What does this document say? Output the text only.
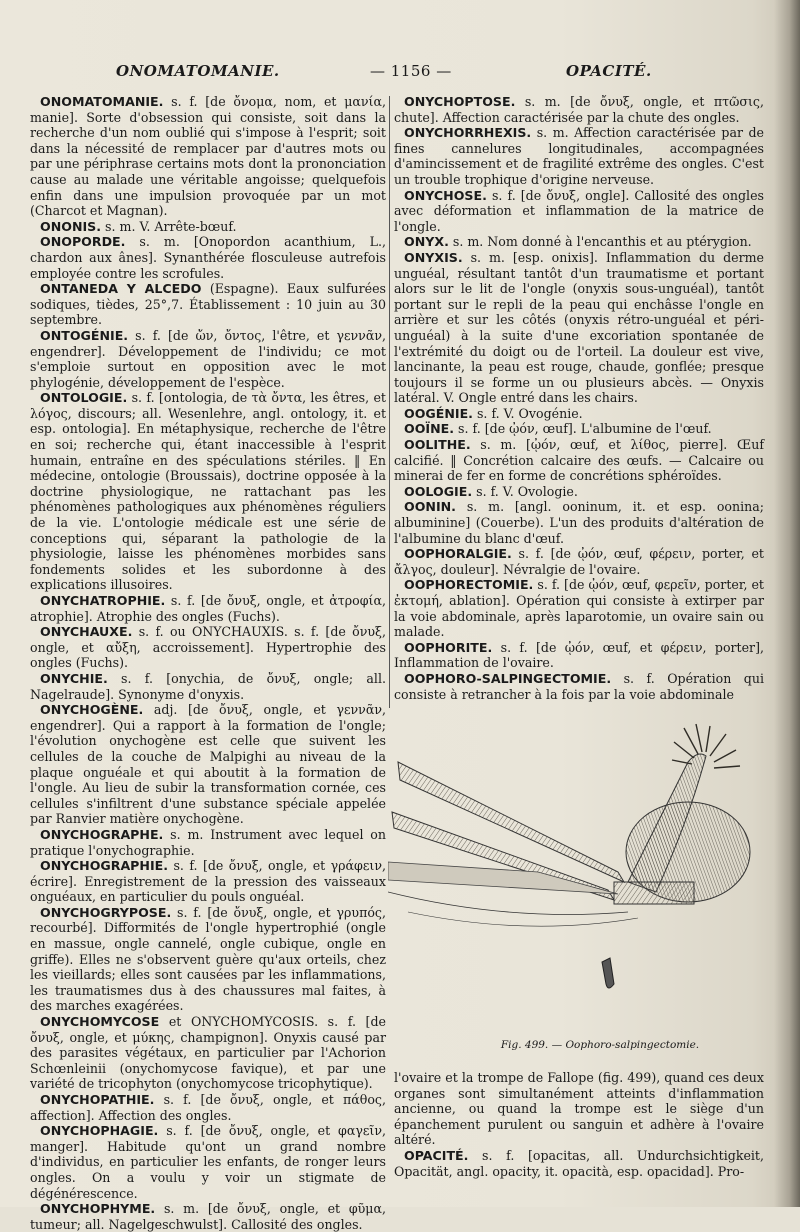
ONOMATOMANIE.	— 1156 —	OPACITÉ.

ONOMATOMANIE. s. f. [de ὄνομα, nom, et μανία, manie]. Sorte d'obsession qui consiste, soit dans la recherche d'un nom oublié qui s'impose à l'esprit; soit dans la nécessité de remplacer par d'autres mots ou par une périphrase certains mots dont la prononciation cause au malade une véritable angoisse; quelquefois enfin dans une impulsion provoquée par un mot (Charcot et Magnan).

ONONIS. s. m. V. Arrête-bœuf.

ONOPORDE. s. m. [Onopordon acanthium, L., chardon aux ânes]. Synanthérée flosculeuse autrefois employée contre les scrofules.

ONTANEDA Y ALCEDO (Espagne). Eaux sulfurées sodiques, tièdes, 25°,7. Établissement : 10 juin au 30 septembre.

ONTOGÉNIE. s. f. [de ὤν, ὄντος, l'être, et γεννᾶν, engendrer]. Développement de l'individu; ce mot s'emploie surtout en opposition avec le mot phylogénie, développement de l'espèce.

ONTOLOGIE. s. f. [ontologia, de τὰ ὄντα, les êtres, et λόγος, discours; all. Wesenlehre, angl. ontology, it. et esp. ontologia]. En métaphysique, recherche de l'être en soi; recherche qui, étant inaccessible à l'esprit humain, entraîne en des spéculations stériles. ‖ En médecine, ontologie (Broussais), doctrine opposée à la doctrine physiologique, ne rattachant pas les phénomènes pathologiques aux phénomènes réguliers de la vie. L'ontologie médicale est une série de conceptions qui, séparant la pathologie de la physiologie, laisse les phénomènes morbides sans fondements solides et les subordonne à des explications illusoires.

ONYCHATROPHIE. s. f. [de ὄνυξ, ongle, et ἀτροφία, atrophie]. Atrophie des ongles (Fuchs).

ONYCHAUXE. s. f. ou ONYCHAUXIS. s. f. [de ὄνυξ, ongle, et αὔξη, accroissement]. Hypertrophie des ongles (Fuchs).

ONYCHIE. s. f. [onychia, de ὄνυξ, ongle; all. Nagelraude]. Synonyme d'onyxis.

ONYCHOGÈNE. adj. [de ὄνυξ, ongle, et γεννᾶν, engendrer]. Qui a rapport à la formation de l'ongle; l'évolution onychogène est celle que suivent les cellules de la couche de Malpighi au niveau de la plaque onguéale et qui aboutit à la formation de l'ongle. Au lieu de subir la transformation cornée, ces cellules s'infiltrent d'une substance spéciale appelée par Ranvier matière onychogène.

ONYCHOGRAPHE. s. m. Instrument avec lequel on pratique l'onychographie.

ONYCHOGRAPHIE. s. f. [de ὄνυξ, ongle, et γράφειν, écrire]. Enregistrement de la pression des vaisseaux onguéaux, en particulier du pouls onguéal.

ONYCHOGRYPOSE. s. f. [de ὄνυξ, ongle, et γρυπός, recourbé]. Difformités de l'ongle hypertrophié (ongle en massue, ongle cannelé, ongle cubique, ongle en griffe). Elles ne s'observent guère qu'aux orteils, chez les vieillards; elles sont causées par les inflammations, les traumatismes dus à des chaussures mal faites, à des marches exagérées.

ONYCHOMYCOSE et ONYCHOMYCOSIS. s. f. [de ὄνυξ, ongle, et μύκης, champignon]. Onyxis causé par des parasites végétaux, en particulier par l'Achorion Schœnleinii (onychomycose favique), et par une variété de tricophyton (onychomycose tricophytique).

ONYCHOPATHIE. s. f. [de ὄνυξ, ongle, et πάθος, affection]. Affection des ongles.

ONYCHOPHAGIE. s. f. [de ὄνυξ, ongle, et φαγεῖν, manger]. Habitude qu'ont un grand nombre d'individus, en particulier les enfants, de ronger leurs ongles. On a voulu y voir un stigmate de dégénérescence.

ONYCHOPHYME. s. m. [de ὄνυξ, ongle, et φῦμα, tumeur; all. Nagelgeschwulst]. Callosité des ongles.

ONYCHOPTOSE. s. m. [de ὄνυξ, ongle, et πτῶσις, chute]. Affection caractérisée par la chute des ongles.

ONYCHORRHEXIS. s. m. Affection caractérisée par de fines cannelures longitudinales, accompagnées d'amincissement et de fragilité extrême des ongles. C'est un trouble trophique d'origine nerveuse.

ONYCHOSE. s. f. [de ὄνυξ, ongle]. Callosité des ongles avec déformation et inflammation de la matrice de l'ongle.

ONYX. s. m. Nom donné à l'encanthis et au ptérygion.

ONYXIS. s. m. [esp. onixis]. Inflammation du derme unguéal, résultant tantôt d'un traumatisme et portant alors sur le lit de l'ongle (onyxis sous-unguéal), tantôt portant sur le repli de la peau qui enchâsse l'ongle en arrière et sur les côtés (onyxis rétro-unguéal et péri-unguéal) à la suite d'une excoriation spontanée de l'extrémité du doigt ou de l'orteil. La douleur est vive, lancinante, la peau est rouge, chaude, gonflée; presque toujours il se forme un ou plusieurs abcès. — Onyxis latéral. V. Ongle entré dans les chairs.

OOGÉNIE. s. f. V. Ovogénie.

OOÏNE. s. f. [de ᾠόν, œuf]. L'albumine de l'œuf.

OOLITHE. s. m. [ᾠόν, œuf, et λίθος, pierre]. Œuf calcifié. ‖ Concrétion calcaire des œufs. — Calcaire ou minerai de fer en forme de concrétions sphéroïdes.

OOLOGIE. s. f. V. Ovologie.

OONIN. s. m. [angl. ooninum, it. et esp. oonina; albuminine] (Couerbe). L'un des produits d'altération de l'albumine du blanc d'œuf.

OOPHORALGIE. s. f. [de ᾠόν, œuf, φέρειν, porter, et ἄλγος, douleur]. Névralgie de l'ovaire.

OOPHORECTOMIE. s. f. [de ᾠόν, œuf, φερεῖν, porter, et ἐκτομή, ablation]. Opération qui consiste à extirper par la voie abdominale, après laparotomie, un ovaire sain ou malade.

OOPHORITE. s. f. [de ᾠόν, œuf, et φέρειν, porter], Inflammation de l'ovaire.

OOPHORO-SALPINGECTOMIE. s. f. Opération qui consiste à retrancher à la fois par la voie abdominale

Fig. 499. — Oophoro-salpingectomie.

l'ovaire et la trompe de Fallope (fig. 499), quand ces deux organes sont simultanément atteints d'inflammation ancienne, ou quand la trompe est le siège d'un épanchement purulent ou sanguin et adhère à l'ovaire altéré.

OPACITÉ. s. f. [opacitas, all. Undurchsichtigkeit, Opacität, angl. opacity, it. opacità, esp. opacidad]. Pro-
